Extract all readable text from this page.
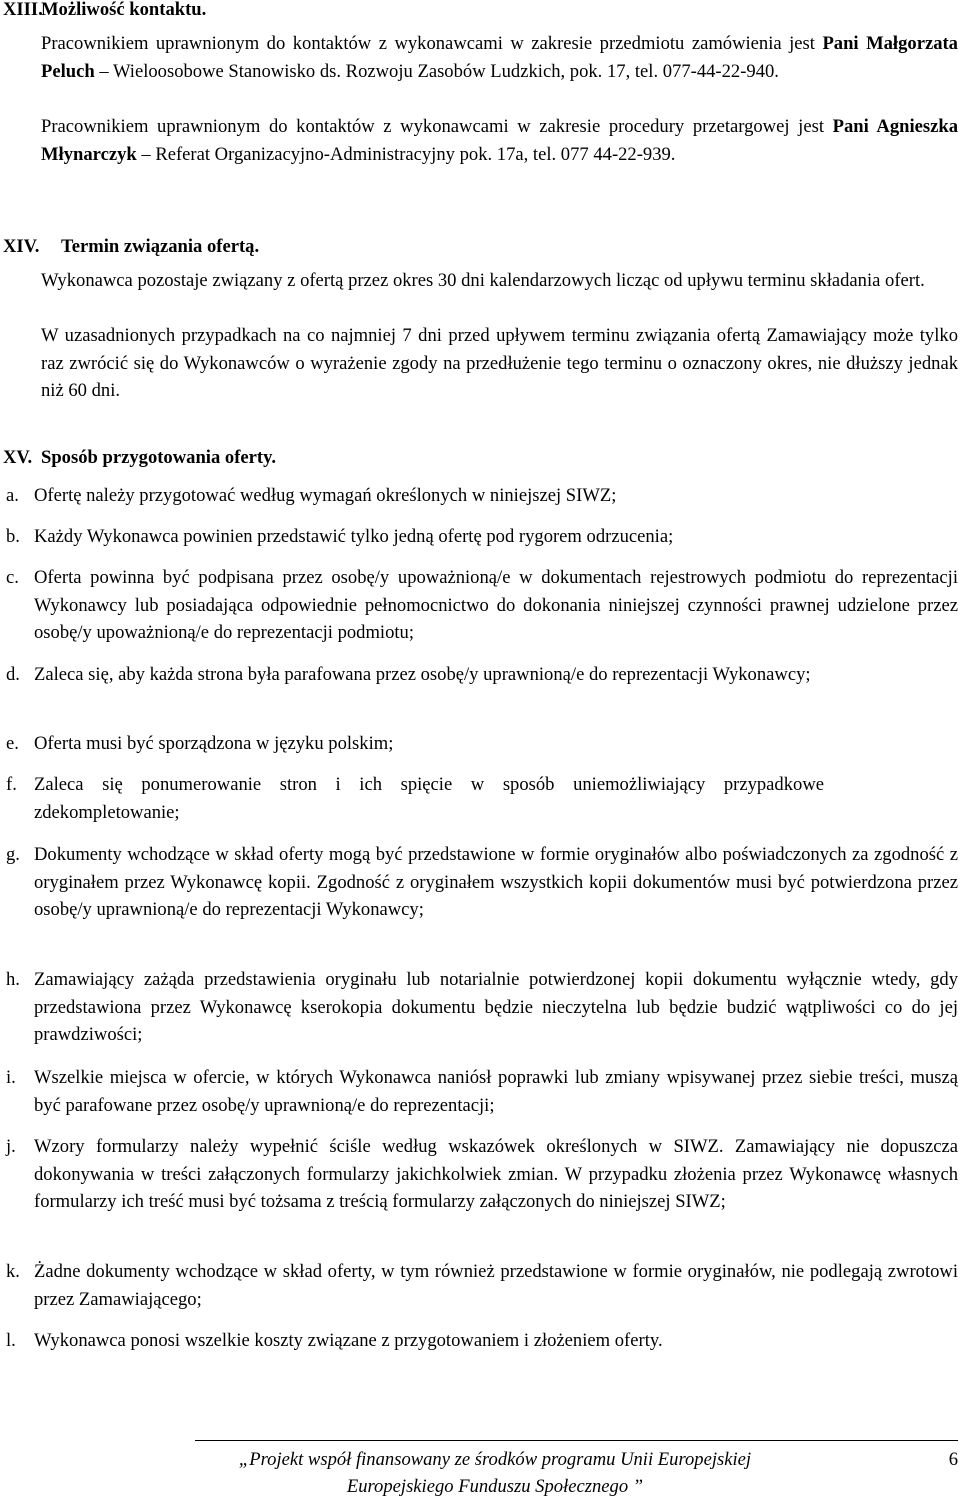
XIII.Możliwość kontaktu.

Pracownikiem uprawnionym do kontaktów z wykonawcami w zakresie przedmiotu zamówienia jest Pani Małgorzata Peluch – Wieloosobowe Stanowisko ds. Rozwoju Zasobów Ludzkich, pok. 17, tel. 077-44-22-940.

Pracownikiem uprawnionym do kontaktów z wykonawcami w zakresie procedury przetargowej jest Pani Agnieszka Młynarczyk – Referat Organizacyjno-Administracyjny pok. 17a, tel. 077 44-22-939.

XIV. Termin związania ofertą.

Wykonawca pozostaje związany z ofertą przez okres 30 dni kalendarzowych licząc od upływu terminu składania ofert.

W uzasadnionych przypadkach na co najmniej 7 dni przed upływem terminu związania ofertą Zamawiający może tylko raz zwrócić się do Wykonawców o wyrażenie zgody na przedłużenie tego terminu o oznaczony okres, nie dłuższy jednak niż 60 dni.

XV. Sposób przygotowania oferty.
a. Ofertę należy przygotować według wymagań określonych w niniejszej SIWZ;
b. Każdy Wykonawca powinien przedstawić tylko jedną ofertę pod rygorem odrzucenia;
c. Oferta powinna być podpisana przez osobę/y upoważnioną/e w dokumentach rejestrowych podmiotu do reprezentacji Wykonawcy lub posiadająca odpowiednie pełnomocnictwo do dokonania niniejszej czynności prawnej udzielone przez osobę/y upoważnioną/e do reprezentacji podmiotu;
d. Zaleca się, aby każda strona była parafowana przez osobę/y uprawnioną/e do reprezentacji Wykonawcy;
e. Oferta musi być sporządzona w języku polskim;
f. Zaleca się ponumerowanie stron i ich spięcie w sposób uniemożliwiający przypadkowe zdekompletowanie;
g. Dokumenty wchodzące w skład oferty mogą być przedstawione w formie oryginałów albo poświadczonych za zgodność z oryginałem przez Wykonawcę kopii. Zgodność z oryginałem wszystkich kopii dokumentów musi być potwierdzona przez osobę/y uprawnioną/e do reprezentacji Wykonawcy;
h. Zamawiający zażąda przedstawienia oryginału lub notarialnie potwierdzonej kopii dokumentu wyłącznie wtedy, gdy przedstawiona przez Wykonawcę kserokopia dokumentu będzie nieczytelna lub będzie budzić wątpliwości co do jej prawdziwości;
i. Wszelkie miejsca w ofercie, w których Wykonawca naniósł poprawki lub zmiany wpisywanej przez siebie treści, muszą być parafowane przez osobę/y uprawnioną/e do reprezentacji;
j. Wzory formularzy należy wypełnić ściśle według wskazówek określonych w SIWZ. Zamawiający nie dopuszcza dokonywania w treści załączonych formularzy jakichkolwiek zmian. W przypadku złożenia przez Wykonawcę własnych formularzy ich treść musi być tożsama z treścią formularzy załączonych do niniejszej SIWZ;
k. Żadne dokumenty wchodzące w skład oferty, w tym również przedstawione w formie oryginałów, nie podlegają zwrotowi przez Zamawiającego;
l. Wykonawca ponosi wszelkie koszty związane z przygotowaniem i złożeniem oferty.
„Projekt współ finansowany ze środków programu Unii Europejskiej
Europejskiego Funduszu Społecznego ”
6
